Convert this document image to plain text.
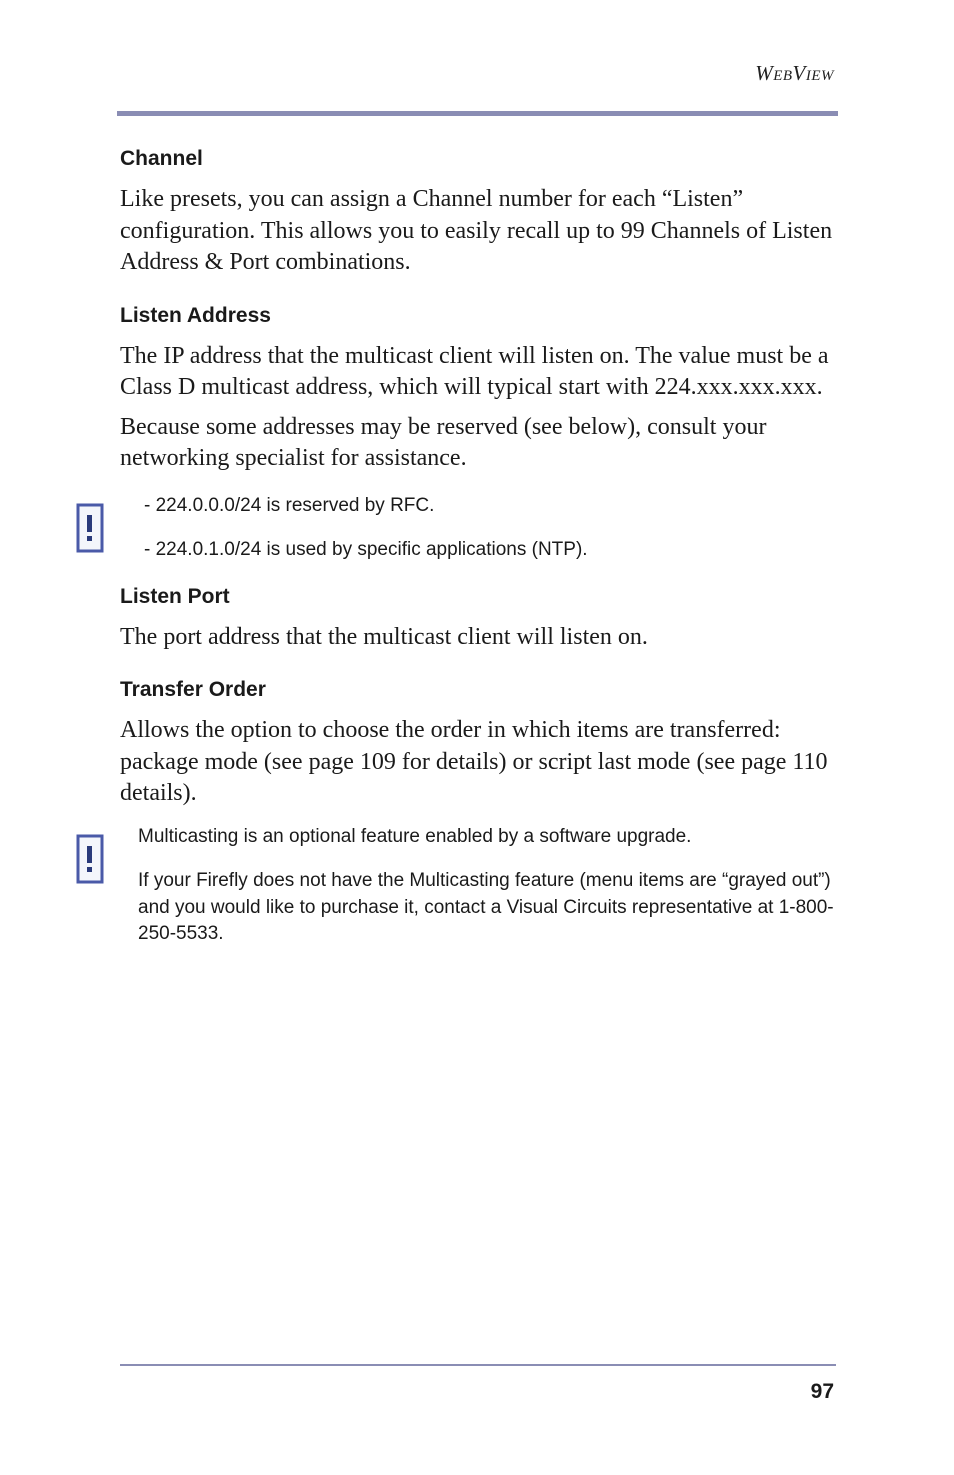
WEBVIEW
Channel

Like presets, you can assign a Channel number for each “Listen” configuration. This allows you to easily recall up to 99 Channels of Listen Address & Port combinations.

Listen Address

The IP address that the multicast client will listen on. The value must be a Class D multicast address, which will typical start with 224.xxx.xxx.xxx.

Because some addresses may be reserved (see below), consult your networking specialist for assistance.

- 224.0.0.0/24 is reserved by RFC.

- 224.0.1.0/24 is used by specific applications (NTP).

Listen Port

The port address that the multicast client will listen on.

Transfer Order

Allows the option to choose the order in which items are transferred: package mode (see page 109 for details) or script last mode (see page 110 details).

Multicasting is an optional feature enabled by a software upgrade.

If your Firefly does not have the Multicasting feature (menu items are “grayed out”) and you would like to purchase it, contact a Visual Circuits representative at 1-800-250-5533.

97
